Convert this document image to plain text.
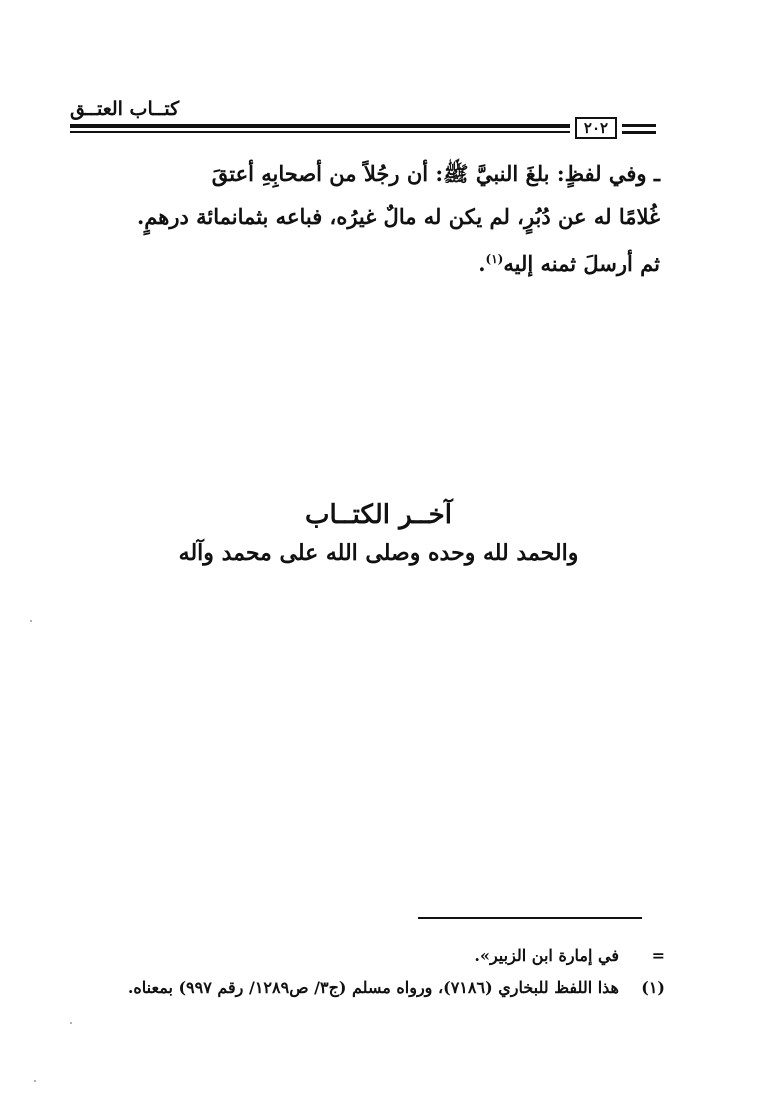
كتــاب العتــق
٢٠٢
ـ وفي لفظٍ: بلغَ النبيَّ ﷺ: أن رجُلاً من أصحابِهِ أعتقَ
غُلامًا له عن دُبُرٍ، لم يكن له مالٌ غيرُه، فباعه بثمانمائة درهمٍ.
ثم أرسلَ ثمنه إليه$^{(١)}$.
آخــر الكتــاب
والحمد لله وحده وصلى الله على محمد وآله
=
في إمارة ابن الزبير».
(١)
هذا اللفظ للبخاري (٧١٨٦)، ورواه مسلم (ج٣/ ص١٢٨٩/ رقم ٩٩٧) بمعناه.
